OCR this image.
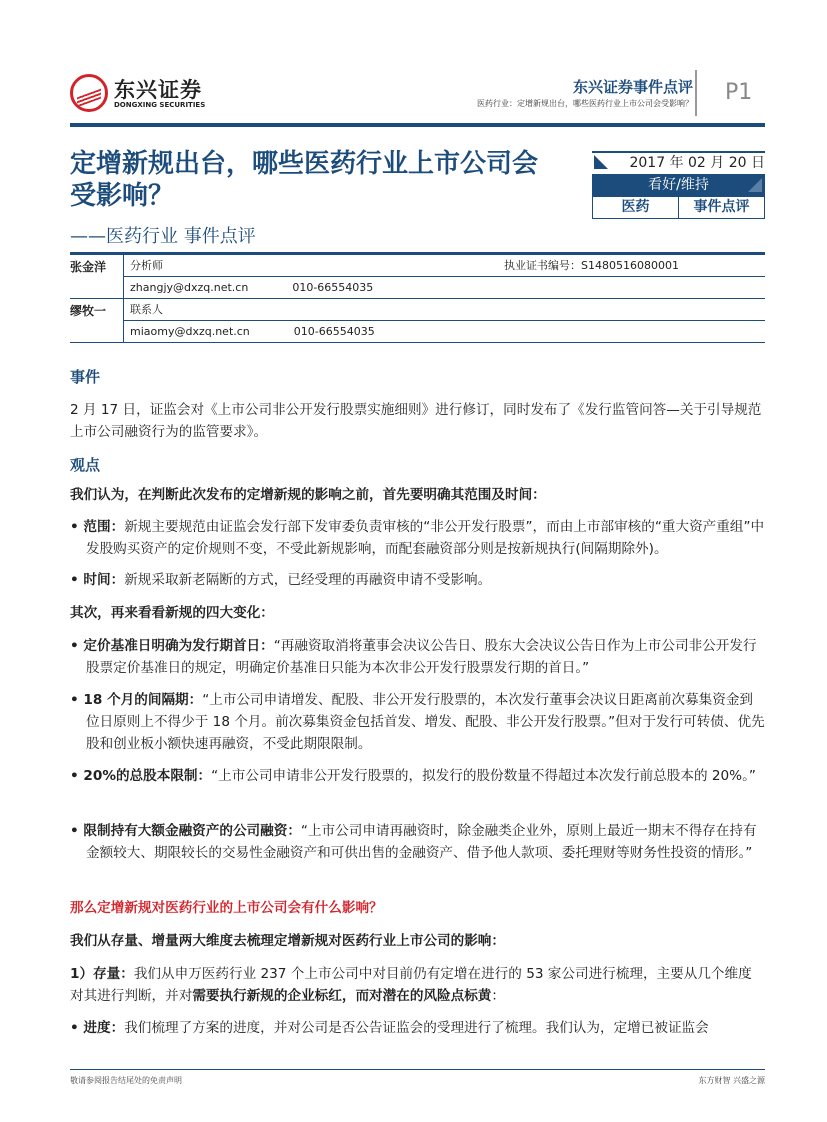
东兴证券
DONGXING SECURITIES
东兴证券事件点评
医药行业：定增新规出台，哪些医药行业上市公司会受影响？ P1
定增新规出台，哪些医药行业上市公司会受影响？
——医药行业 事件点评
2017 年 02 月 20 日
看好/维持
医药	事件点评
张金洋	分析师	执业证书编号：S1480516080001
zhangjy@dxzq.net.cn	010-66554035
缪牧一	联系人
miaomy@dxzq.net.cn	010-66554035
事件
2 月 17 日，证监会对《上市公司非公开发行股票实施细则》进行修订，同时发布了《发行监管问答—关于引导规范上市公司融资行为的监管要求》。
观点
我们认为，在判断此次发布的定增新规的影响之前，首先要明确其范围及时间：
• 范围：新规主要规范由证监会发行部下发审委负责审核的“非公开发行股票”，而由上市部审核的“重大资产重组”中发股购买资产的定价规则不变，不受此新规影响，而配套融资部分则是按新规执行(间隔期除外)。
• 时间：新规采取新老隔断的方式，已经受理的再融资申请不受影响。
其次，再来看看新规的四大变化：
• 定价基准日明确为发行期首日：“再融资取消将董事会决议公告日、股东大会决议公告日作为上市公司非公开发行股票定价基准日的规定，明确定价基准日只能为本次非公开发行股票发行期的首日。”
• 18 个月的间隔期：“上市公司申请增发、配股、非公开发行股票的，本次发行董事会决议日距离前次募集资金到位日原则上不得少于 18 个月。前次募集资金包括首发、增发、配股、非公开发行股票。”但对于发行可转债、优先股和创业板小额快速再融资，不受此期限限制。
• 20%的总股本限制：“上市公司申请非公开发行股票的，拟发行的股份数量不得超过本次发行前总股本的 20%。”
• 限制持有大额金融资产的公司融资：“上市公司申请再融资时，除金融类企业外，原则上最近一期末不得存在持有金额较大、期限较长的交易性金融资产和可供出售的金融资产、借予他人款项、委托理财等财务性投资的情形。”
那么定增新规对医药行业的上市公司会有什么影响？
我们从存量、增量两大维度去梳理定增新规对医药行业上市公司的影响：
1）存量：我们从申万医药行业 237 个上市公司中对目前仍有定增在进行的 53 家公司进行梳理，主要从几个维度对其进行判断，并对需要执行新规的企业标红，而对潜在的风险点标黄：
• 进度：我们梳理了方案的进度，并对公司是否公告证监会的受理进行了梳理。我们认为，定增已被证监会
敬请参阅报告结尾处的免责声明	东方财智 兴盛之源
